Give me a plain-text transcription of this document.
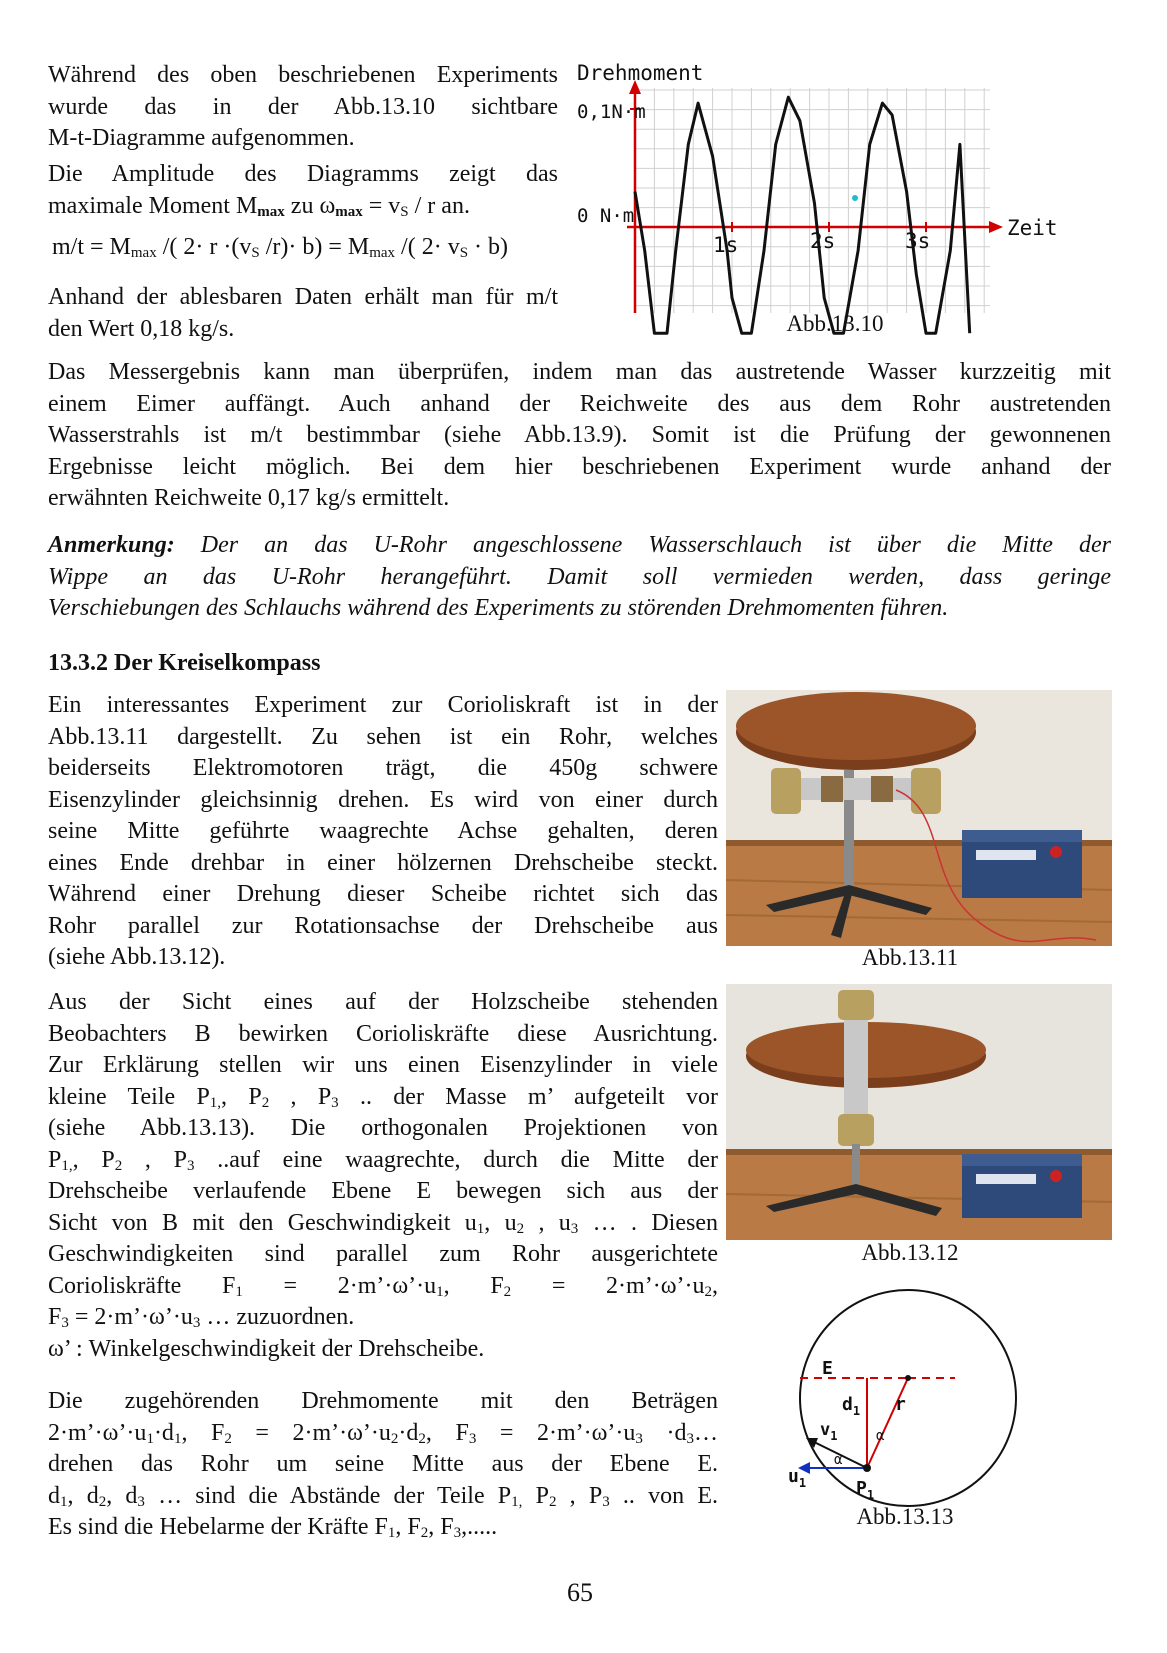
Während des oben beschriebenen Experiments
wurde das in der Abb.13.10 sichtbare
M-t-Diagramme aufgenommen.
Die Amplitude des Diagramms zeigt das
maximale Moment $M_{max}$ zu $\omega_{max} = v_S / r$ an.
$m/t = M_{max}$ /( $2\cdot r \cdot(v_S$ $/r)\cdot b) = M_{max}$ /( $2\cdot v_S \cdot b$)
Anhand der ablesbaren Daten erhält man für m/t
den Wert 0,18 kg/s.
Drehmoment
0,1N·m
0 N·m	Zeit
1s	2s	3s
Abb.13.10
Das Messergebnis kann man überprüfen, indem man das austretende Wasser kurzzeitig mit
einem Eimer auffängt. Auch anhand der Reichweite des aus dem Rohr austretenden
Wasserstrahls ist m/t bestimmbar (siehe Abb.13.9). Somit ist die Prüfung der gewonnenen
Ergebnisse leicht möglich. Bei dem hier beschriebenen Experiment wurde anhand der
erwähnten Reichweite 0,17 kg/s ermittelt.
Anmerkung: Der an das U-Rohr angeschlossene Wasserschlauch ist über die Mitte der
Wippe an das U-Rohr herangeführt. Damit soll vermieden werden, dass geringe
Verschiebungen des Schlauchs während des Experiments zu störenden Drehmomenten führen.
13.3.2 Der Kreiselkompass
Ein interessantes Experiment zur Corioliskraft ist in der
Abb.13.11 dargestellt. Zu sehen ist ein Rohr, welches
beiderseits Elektromotoren trägt, die 450g schwere
Eisenzylinder gleichsinnig drehen. Es wird von einer durch
seine Mitte geführte waagrechte Achse gehalten, deren
eines Ende drehbar in einer hölzernen Drehscheibe steckt.
Während einer Drehung dieser Scheibe richtet sich das
Rohr parallel zur Rotationsachse der Drehscheibe aus
(siehe Abb.13.12).	Abb.13.11
Aus der Sicht eines auf der Holzscheibe stehenden
Beobachters B bewirken Corioliskräfte diese Ausrichtung.
Zur Erklärung stellen wir uns einen Eisenzylinder in viele
kleine Teile $P_{1,}$, $P_2$ , $P_3$ .. der Masse m’ aufgeteilt vor
(siehe Abb.13.13). Die orthogonalen Projektionen von
$P_{1,}$, $P_2$ , $P_3$ ..auf eine waagrechte, durch die Mitte der
Drehscheibe verlaufende Ebene E bewegen sich aus der
Sicht von B mit den Geschwindigkeit $u_1$, $u_2$ , $u_3$ … . Diesen
Geschwindigkeiten sind parallel zum Rohr ausgerichtete
Corioliskräfte $F_1$ = $2\cdot m’\cdot\omega’\cdot u_1$, $F_2$ = $2\cdot m’\cdot\omega’\cdot u_2$,
$F_3$ = $2\cdot m’\cdot\omega’\cdot u_3$ … zuzuordnen.
ω’ : Winkelgeschwindigkeit der Drehscheibe.
Abb.13.12
Die zugehörenden Drehmomente mit den Beträgen
$2\cdot m’\cdot\omega’\cdot u_1\cdot d_1$, $F_2$ = $2\cdot m’\cdot\omega’\cdot u_2\cdot d_2$, $F_3$ = $2\cdot m’\cdot\omega’\cdot u_3$ $\cdot d_3\dots$
drehen das Rohr um seine Mitte aus der Ebene E.
$d_1$, $d_2$, $d_3$ … sind die Abstände der Teile $P_{1,}$ $P_2$ , $P_3$ .. von E.
Es sind die Hebelarme der Kräfte $F_1$, $F_2$, $F_3$,.....
E
$d_1$ r
α
$v_1$
α
$u_1$	$P_1$
Abb.13.13
65
